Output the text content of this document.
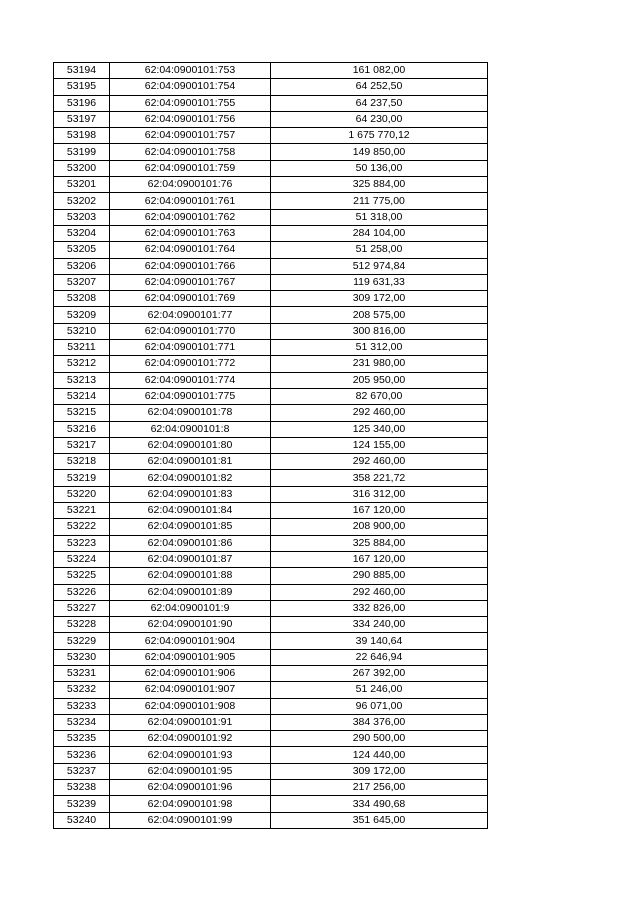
53194	62:04:0900101:753	161 082,00
53195	62:04:0900101:754	64 252,50
53196	62:04:0900101:755	64 237,50
53197	62:04:0900101:756	64 230,00
53198	62:04:0900101:757	1 675 770,12
53199	62:04:0900101:758	149 850,00
53200	62:04:0900101:759	50 136,00
53201	62:04:0900101:76	325 884,00
53202	62:04:0900101:761	211 775,00
53203	62:04:0900101:762	51 318,00
53204	62:04:0900101:763	284 104,00
53205	62:04:0900101:764	51 258,00
53206	62:04:0900101:766	512 974,84
53207	62:04:0900101:767	119 631,33
53208	62:04:0900101:769	309 172,00
53209	62:04:0900101:77	208 575,00
53210	62:04:0900101:770	300 816,00
53211	62:04:0900101:771	51 312,00
53212	62:04:0900101:772	231 980,00
53213	62:04:0900101:774	205 950,00
53214	62:04:0900101:775	82 670,00
53215	62:04:0900101:78	292 460,00
53216	62:04:0900101:8	125 340,00
53217	62:04:0900101:80	124 155,00
53218	62:04:0900101:81	292 460,00
53219	62:04:0900101:82	358 221,72
53220	62:04:0900101:83	316 312,00
53221	62:04:0900101:84	167 120,00
53222	62:04:0900101:85	208 900,00
53223	62:04:0900101:86	325 884,00
53224	62:04:0900101:87	167 120,00
53225	62:04:0900101:88	290 885,00
53226	62:04:0900101:89	292 460,00
53227	62:04:0900101:9	332 826,00
53228	62:04:0900101:90	334 240,00
53229	62:04:0900101:904	39 140,64
53230	62:04:0900101:905	22 646,94
53231	62:04:0900101:906	267 392,00
53232	62:04:0900101:907	51 246,00
53233	62:04:0900101:908	96 071,00
53234	62:04:0900101:91	384 376,00
53235	62:04:0900101:92	290 500,00
53236	62:04:0900101:93	124 440,00
53237	62:04:0900101:95	309 172,00
53238	62:04:0900101:96	217 256,00
53239	62:04:0900101:98	334 490,68
53240	62:04:0900101:99	351 645,00
